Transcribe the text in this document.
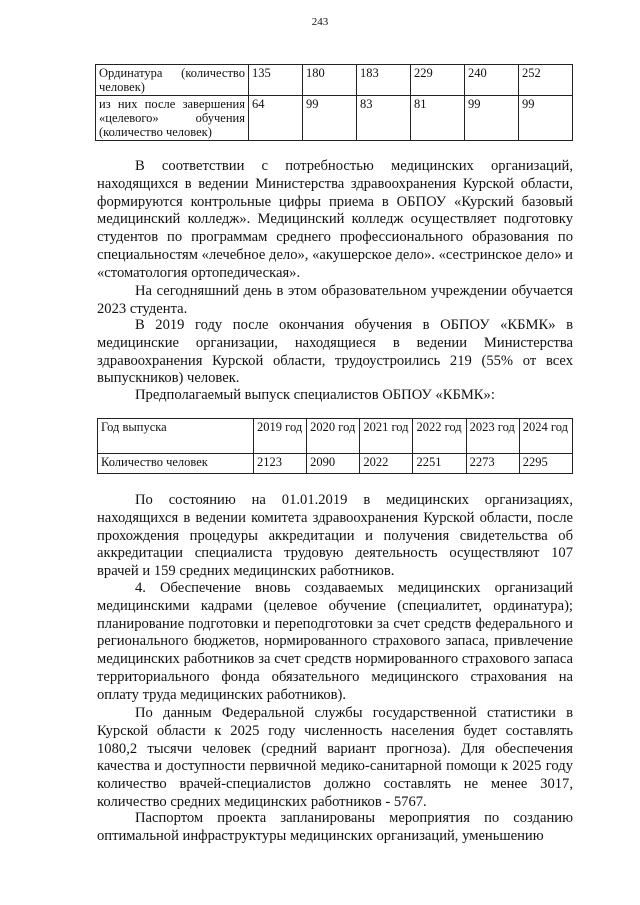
243
Ординатура (количество человек)	135	180	183	229	240	252
из них после завершения «целевого» обучения (количество человек)	64	99	83	81	99	99

В соответствии с потребностью медицинских организаций, находящихся в ведении Министерства здравоохранения Курской области, формируются контрольные цифры приема в ОБПОУ «Курский базовый медицинский колледж». Медицинский колледж осуществляет подготовку студентов по программам среднего профессионального образования по специальностям «лечебное дело», «акушерское дело». «сестринское дело» и «стоматология ортопедическая».

На сегодняшний день в этом образовательном учреждении обучается 2023 студента.

В 2019 году после окончания обучения в ОБПОУ «КБМК» в медицинские организации, находящиеся в ведении Министерства здравоохранения Курской области, трудоустроились 219 (55% от всех выпускников) человек.

Предполагаемый выпуск специалистов ОБПОУ «КБМК»:

Год выпуска	2019 год	2020 год	2021 год	2022 год	2023 год	2024 год
Количество человек	2123	2090	2022	2251	2273	2295

По состоянию на 01.01.2019 в медицинских организациях, находящихся в ведении комитета здравоохранения Курской области, после прохождения процедуры аккредитации и получения свидетельства об аккредитации специалиста трудовую деятельность осуществляют 107 врачей и 159 средних медицинских работников.

4. Обеспечение вновь создаваемых медицинских организаций медицинскими кадрами (целевое обучение (специалитет, ординатура); планирование подготовки и переподготовки за счет средств федерального и регионального бюджетов, нормированного страхового запаса, привлечение медицинских работников за счет средств нормированного страхового запаса территориального фонда обязательного медицинского страхования на оплату труда медицинских работников).

По данным Федеральной службы государственной статистики в Курской области к 2025 году численность населения будет составлять 1080,2 тысячи человек (средний вариант прогноза). Для обеспечения качества и доступности первичной медико-санитарной помощи к 2025 году количество врачей-специалистов должно составлять не менее 3017, количество средних медицинских работников - 5767.

Паспортом проекта запланированы мероприятия по созданию оптимальной инфраструктуры медицинских организаций, уменьшению
